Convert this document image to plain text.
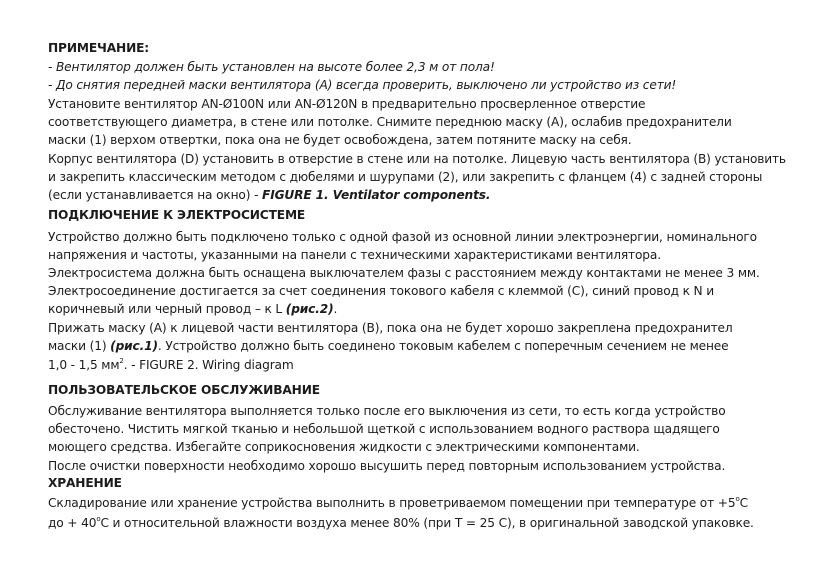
ПРИМЕЧАНИЕ:
- Вентилятор должен быть установлен на высоте более 2,3 м от пола!
- До снятия передней маски вентилятора (А) всегда проверить, выключено ли устройство из сети!
Установите вентилятор AN-Ø100N или AN-Ø120N в предварительно просверленное отверстие
соответствующего диаметра, в стене или потолке. Снимите переднюю маску (А), ослабив предохранители
маски (1) верхом отвертки, пока она не будет освобождена, затем потяните маску на себя.
Корпус вентилятора (D) установить в отверстие в стене или на потолке. Лицевую часть вентилятора (В) установить
и закрепить классическим методом с дюбелями и шурупами (2), или закрепить с фланцем (4) с задней стороны
(если устанавливается на окно) - FIGURE 1. Ventilator components.
ПОДКЛЮЧЕНИЕ К ЭЛЕКТРОСИСТЕМЕ
Устройство должно быть подключено только с одной фазой из основной линии электроэнергии, номинального
напряжения и частоты, указанными на панели с техническими характеристиками вентилятора.
Электросистема должна быть оснащена выключателем фазы с расстоянием между контактами не менее 3 мм.
Электросоединение достигается за счет соединения токового кабеля с клеммой (С), синий провод к N и
коричневый или черный провод – к L (рис.2).
Прижать маску (А) к лицевой части вентилятора (В), пока она не будет хорошо закреплена предохранител
маски (1) (рис.1). Устройство должно быть соединено токовым кабелем с поперечным сечением не менее
1,0 - 1,5 $мм^2$. - FIGURE 2. Wiring diagram
ПОЛЬЗОВАТЕЛЬСКОЕ ОБСЛУЖИВАНИЕ
Обслуживание вентилятора выполняется только после его выключения из сети, то есть когда устройство
обесточено. Чистить мягкой тканью и небольшой щеткой с использованием водного раствора щадящего
моющего средства. Избегайте соприкосновения жидкости с электрическими компонентами.
После очистки поверхности необходимо хорошо высушить перед повторным использованием устройства.
ХРАНЕНИЕ
Складирование или хранение устройства выполнить в проветриваемом помещении при температуре от $+5^оС$
до + $40^оС$ и относительной влажности воздуха менее 80% (при T = 25 C), в оригинальной заводской упаковке.
